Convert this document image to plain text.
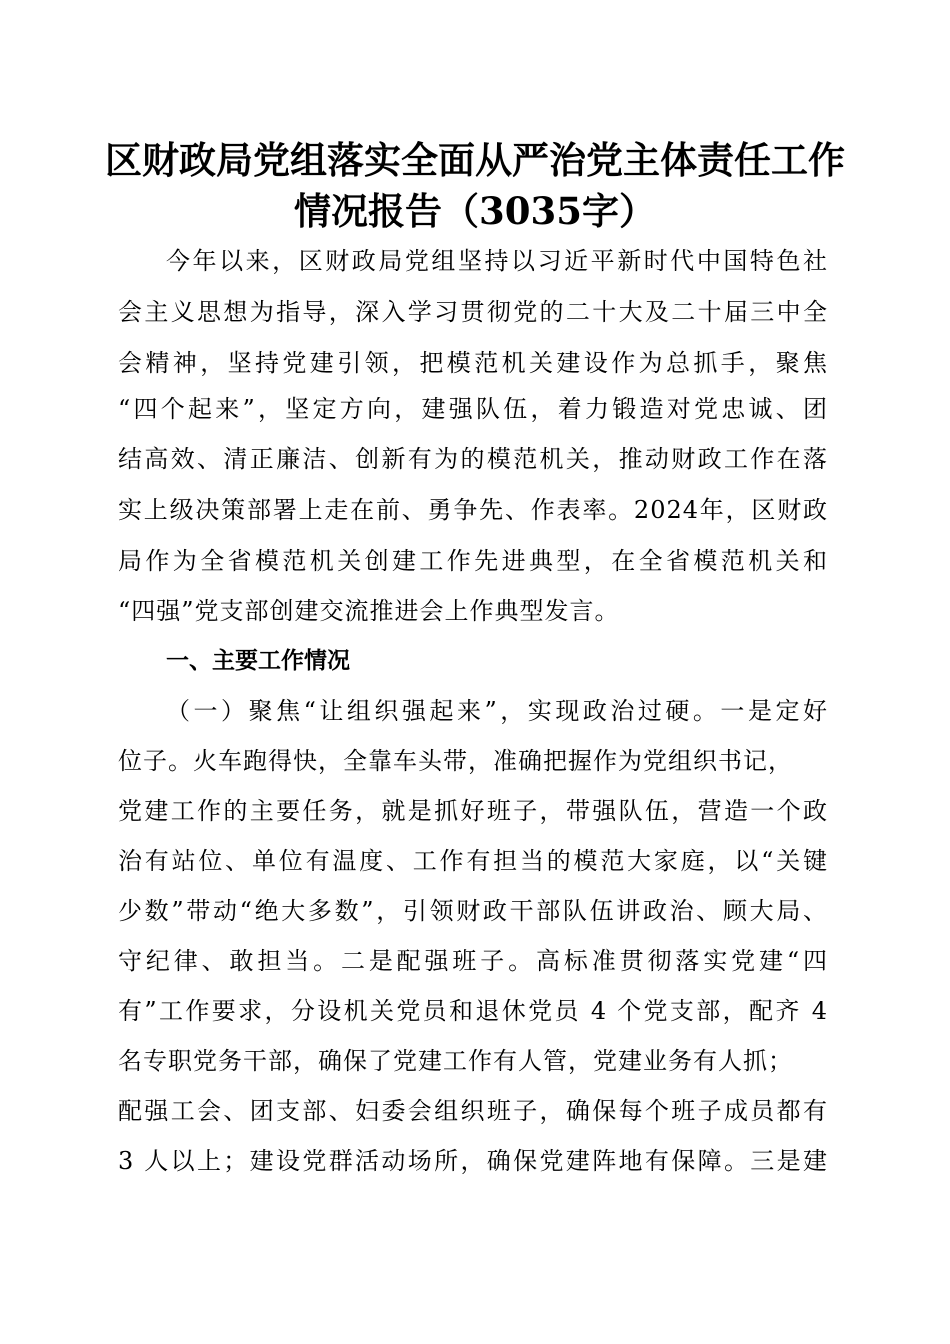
区财政局党组落实全面从严治党主体责任工作
情况报告（3035字）
今年以来，区财政局党组坚持以习近平新时代中国特色社
会主义思想为指导，深入学习贯彻党的二十大及二十届三中全
会精神，坚持党建引领，把模范机关建设作为总抓手，聚焦
“四个起来”，坚定方向，建强队伍，着力锻造对党忠诚、团
结高效、清正廉洁、创新有为的模范机关，推动财政工作在落
实上级决策部署上走在前、勇争先、作表率。2024年，区财政
局作为全省模范机关创建工作先进典型，在全省模范机关和
“四强”党支部创建交流推进会上作典型发言。
一、主要工作情况
（一）聚焦“让组织强起来”，实现政治过硬。一是定好
位子。火车跑得快，全靠车头带，准确把握作为党组织书记，
党建工作的主要任务，就是抓好班子，带强队伍，营造一个政
治有站位、单位有温度、工作有担当的模范大家庭，以“关键
少数”带动“绝大多数”，引领财政干部队伍讲政治、顾大局、
守纪律、敢担当。二是配强班子。高标准贯彻落实党建“四
有”工作要求，分设机关党员和退休党员 4 个党支部，配齐 4
名专职党务干部，确保了党建工作有人管，党建业务有人抓；
配强工会、团支部、妇委会组织班子，确保每个班子成员都有
3 人以上；建设党群活动场所，确保党建阵地有保障。三是建
